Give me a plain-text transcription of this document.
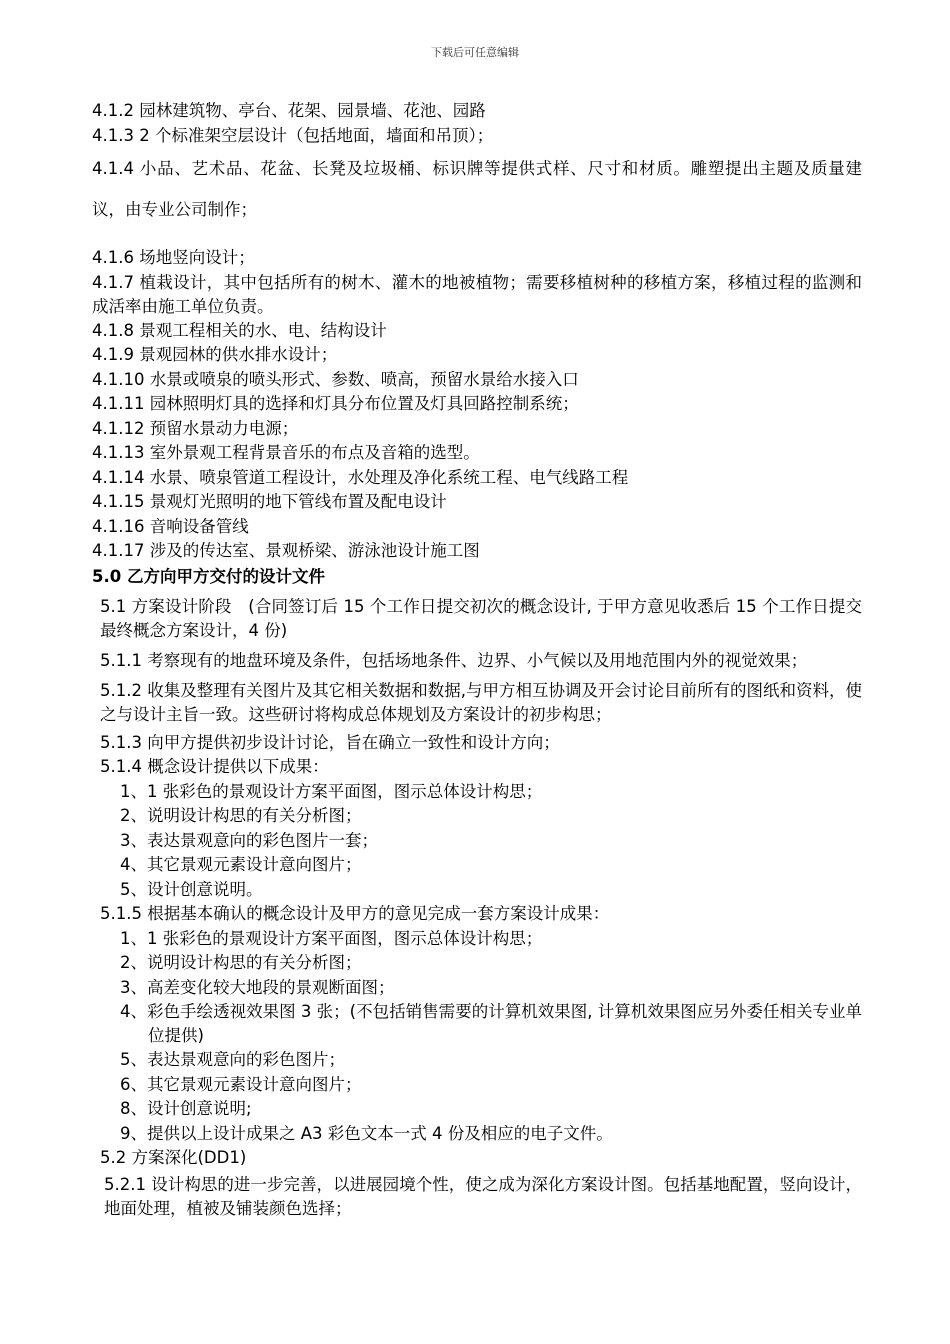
下载后可任意编辑
4.1.2 园林建筑物、亭台、花架、园景墙、花池、园路
4.1.3 2 个标准架空层设计（包括地面，墙面和吊顶）；
4.1.4 小品、艺术品、花盆、长凳及垃圾桶、标识牌等提供式样、尺寸和材质。雕塑提出主题及质量建议，由专业公司制作；
4.1.6 场地竖向设计；
4.1.7 植栽设计，其中包括所有的树木、灌木的地被植物；需要移植树种的移植方案，移植过程的监测和成活率由施工单位负责。
4.1.8 景观工程相关的水、电、结构设计
4.1.9 景观园林的供水排水设计；
4.1.10 水景或喷泉的喷头形式、参数、喷高，预留水景给水接入口
4.1.11 园林照明灯具的选择和灯具分布位置及灯具回路控制系统；
4.1.12 预留水景动力电源；
4.1.13 室外景观工程背景音乐的布点及音箱的选型。
4.1.14 水景、喷泉管道工程设计，水处理及净化系统工程、电气线路工程
4.1.15 景观灯光照明的地下管线布置及配电设计
4.1.16 音响设备管线
4.1.17 涉及的传达室、景观桥梁、游泳池设计施工图
5.0 乙方向甲方交付的设计文件
5.1 方案设计阶段　(合同签订后 15 个工作日提交初次的概念设计, 于甲方意见收悉后 15 个工作日提交最终概念方案设计，4 份)
5.1.1 考察现有的地盘环境及条件，包括场地条件、边界、小气候以及用地范围内外的视觉效果；
5.1.2 收集及整理有关图片及其它相关数据和数据,与甲方相互协调及开会讨论目前所有的图纸和资料，使之与设计主旨一致。这些研讨将构成总体规划及方案设计的初步构思；
5.1.3 向甲方提供初步设计讨论，旨在确立一致性和设计方向；
5.1.4 概念设计提供以下成果：
1、1 张彩色的景观设计方案平面图，图示总体设计构思；
2、说明设计构思的有关分析图；
3、表达景观意向的彩色图片一套；
4、其它景观元素设计意向图片；
5、设计创意说明。
5.1.5 根据基本确认的概念设计及甲方的意见完成一套方案设计成果：
1、1 张彩色的景观设计方案平面图，图示总体设计构思；
2、说明设计构思的有关分析图；
3、高差变化较大地段的景观断面图；
4、彩色手绘透视效果图 3 张；(不包括销售需要的计算机效果图, 计算机效果图应另外委任相关专业单位提供)
5、表达景观意向的彩色图片；
6、其它景观元素设计意向图片；
8、设计创意说明;
9、提供以上设计成果之 A3 彩色文本一式 4 份及相应的电子文件。
5.2 方案深化(DD1)
5.2.1 设计构思的进一步完善，以进展园境个性，使之成为深化方案设计图。包括基地配置，竖向设计，地面处理，植被及铺装颜色选择；
